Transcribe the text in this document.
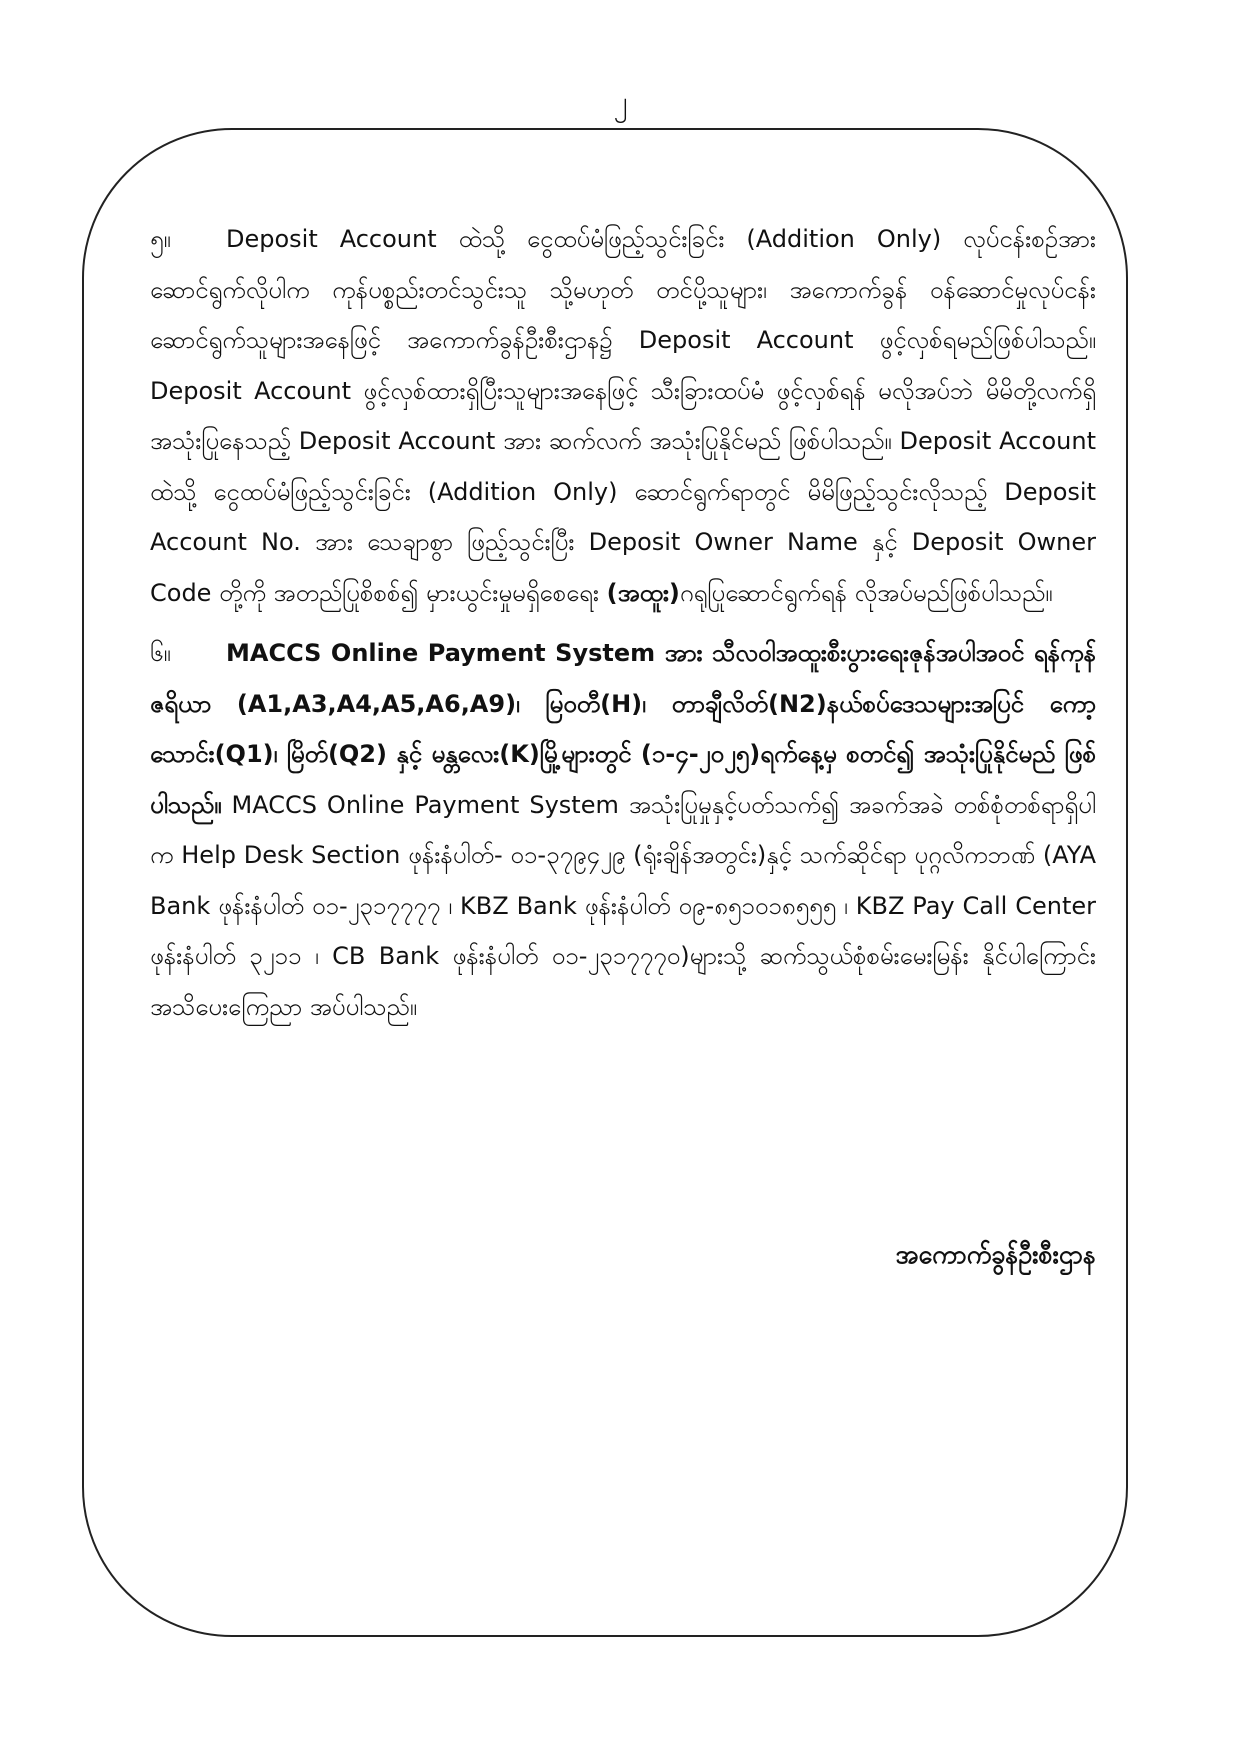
၂

၅။ Deposit Account ထဲသို့ ငွေထပ်မံဖြည့်သွင်းခြင်း (Addition Only) လုပ်ငန်းစဥ်အား ဆောင်ရွက်လိုပါက ကုန်ပစ္စည်းတင်သွင်းသူ သို့မဟုတ် တင်ပို့သူများ၊ အကောက်ခွန် ဝန်ဆောင်မှုလုပ်ငန်းဆောင်ရွက်သူများအနေဖြင့် အကောက်ခွန်ဦးစီးဌာန၌ Deposit Account ဖွင့်လှစ်ရမည်ဖြစ်ပါသည်။ Deposit Account ဖွင့်လှစ်ထားရှိပြီးသူများအနေဖြင့် သီးခြားထပ်မံ ဖွင့်လှစ်ရန် မလိုအပ်ဘဲ မိမိတို့လက်ရှိအသုံးပြုနေသည့် Deposit Account အား ဆက်လက် အသုံးပြုနိုင်မည် ဖြစ်ပါသည်။ Deposit Account ထဲသို့ ငွေထပ်မံဖြည့်သွင်းခြင်း (Addition Only) ဆောင်ရွက်ရာတွင် မိမိဖြည့်သွင်းလိုသည့် Deposit Account No. အား သေချာစွာ ဖြည့်သွင်းပြီး Deposit Owner Name နှင့် Deposit Owner Code တို့ကို အတည်ပြုစိစစ်၍ မှားယွင်းမှုမရှိစေရေး (အထူး)ဂရုပြုဆောင်ရွက်ရန် လိုအပ်မည်ဖြစ်ပါသည်။

၆။ MACCS Online Payment System အား သီလဝါအထူးစီးပွားရေးဇုန်အပါအဝင် ရန်ကုန်ဇရိယာ (A1,A3,A4,A5,A6,A9)၊ မြဝတီ(H)၊ တာချီလိတ်(N2)နယ်စပ်ဒေသများအပြင် ကော့သောင်း(Q1)၊ မြိတ်(Q2) နှင့် မန္တလေး(K)မြို့များတွင် (၁-၄-၂၀၂၅)ရက်နေ့မှ စတင်၍ အသုံးပြုနိုင်မည် ဖြစ်ပါသည်။ MACCS Online Payment System အသုံးပြုမှုနှင့်ပတ်သက်၍ အခက်အခဲ တစ်စုံတစ်ရာရှိပါက Help Desk Section ဖုန်းနံပါတ်- ၀၁-၃၇၉၄၂၉ (ရုံးချိန်အတွင်း)နှင့် သက်ဆိုင်ရာ ပုဂ္ဂလိကဘဏ် (AYA Bank ဖုန်းနံပါတ် ၀၁-၂၃၁၇၇၇၇ ၊ KBZ Bank ဖုန်းနံပါတ် ၀၉-၈၅၁၀၁၈၅၅၅ ၊ KBZ Pay Call Center ဖုန်းနံပါတ် ၃၂၁၁ ၊ CB Bank ဖုန်းနံပါတ် ၀၁-၂၃၁၇၇၇၀)များသို့ ဆက်သွယ်စုံစမ်းမေးမြန်း နိုင်ပါကြောင်း အသိပေးကြေညာ အပ်ပါသည်။

အကောက်ခွန်ဦးစီးဌာန
